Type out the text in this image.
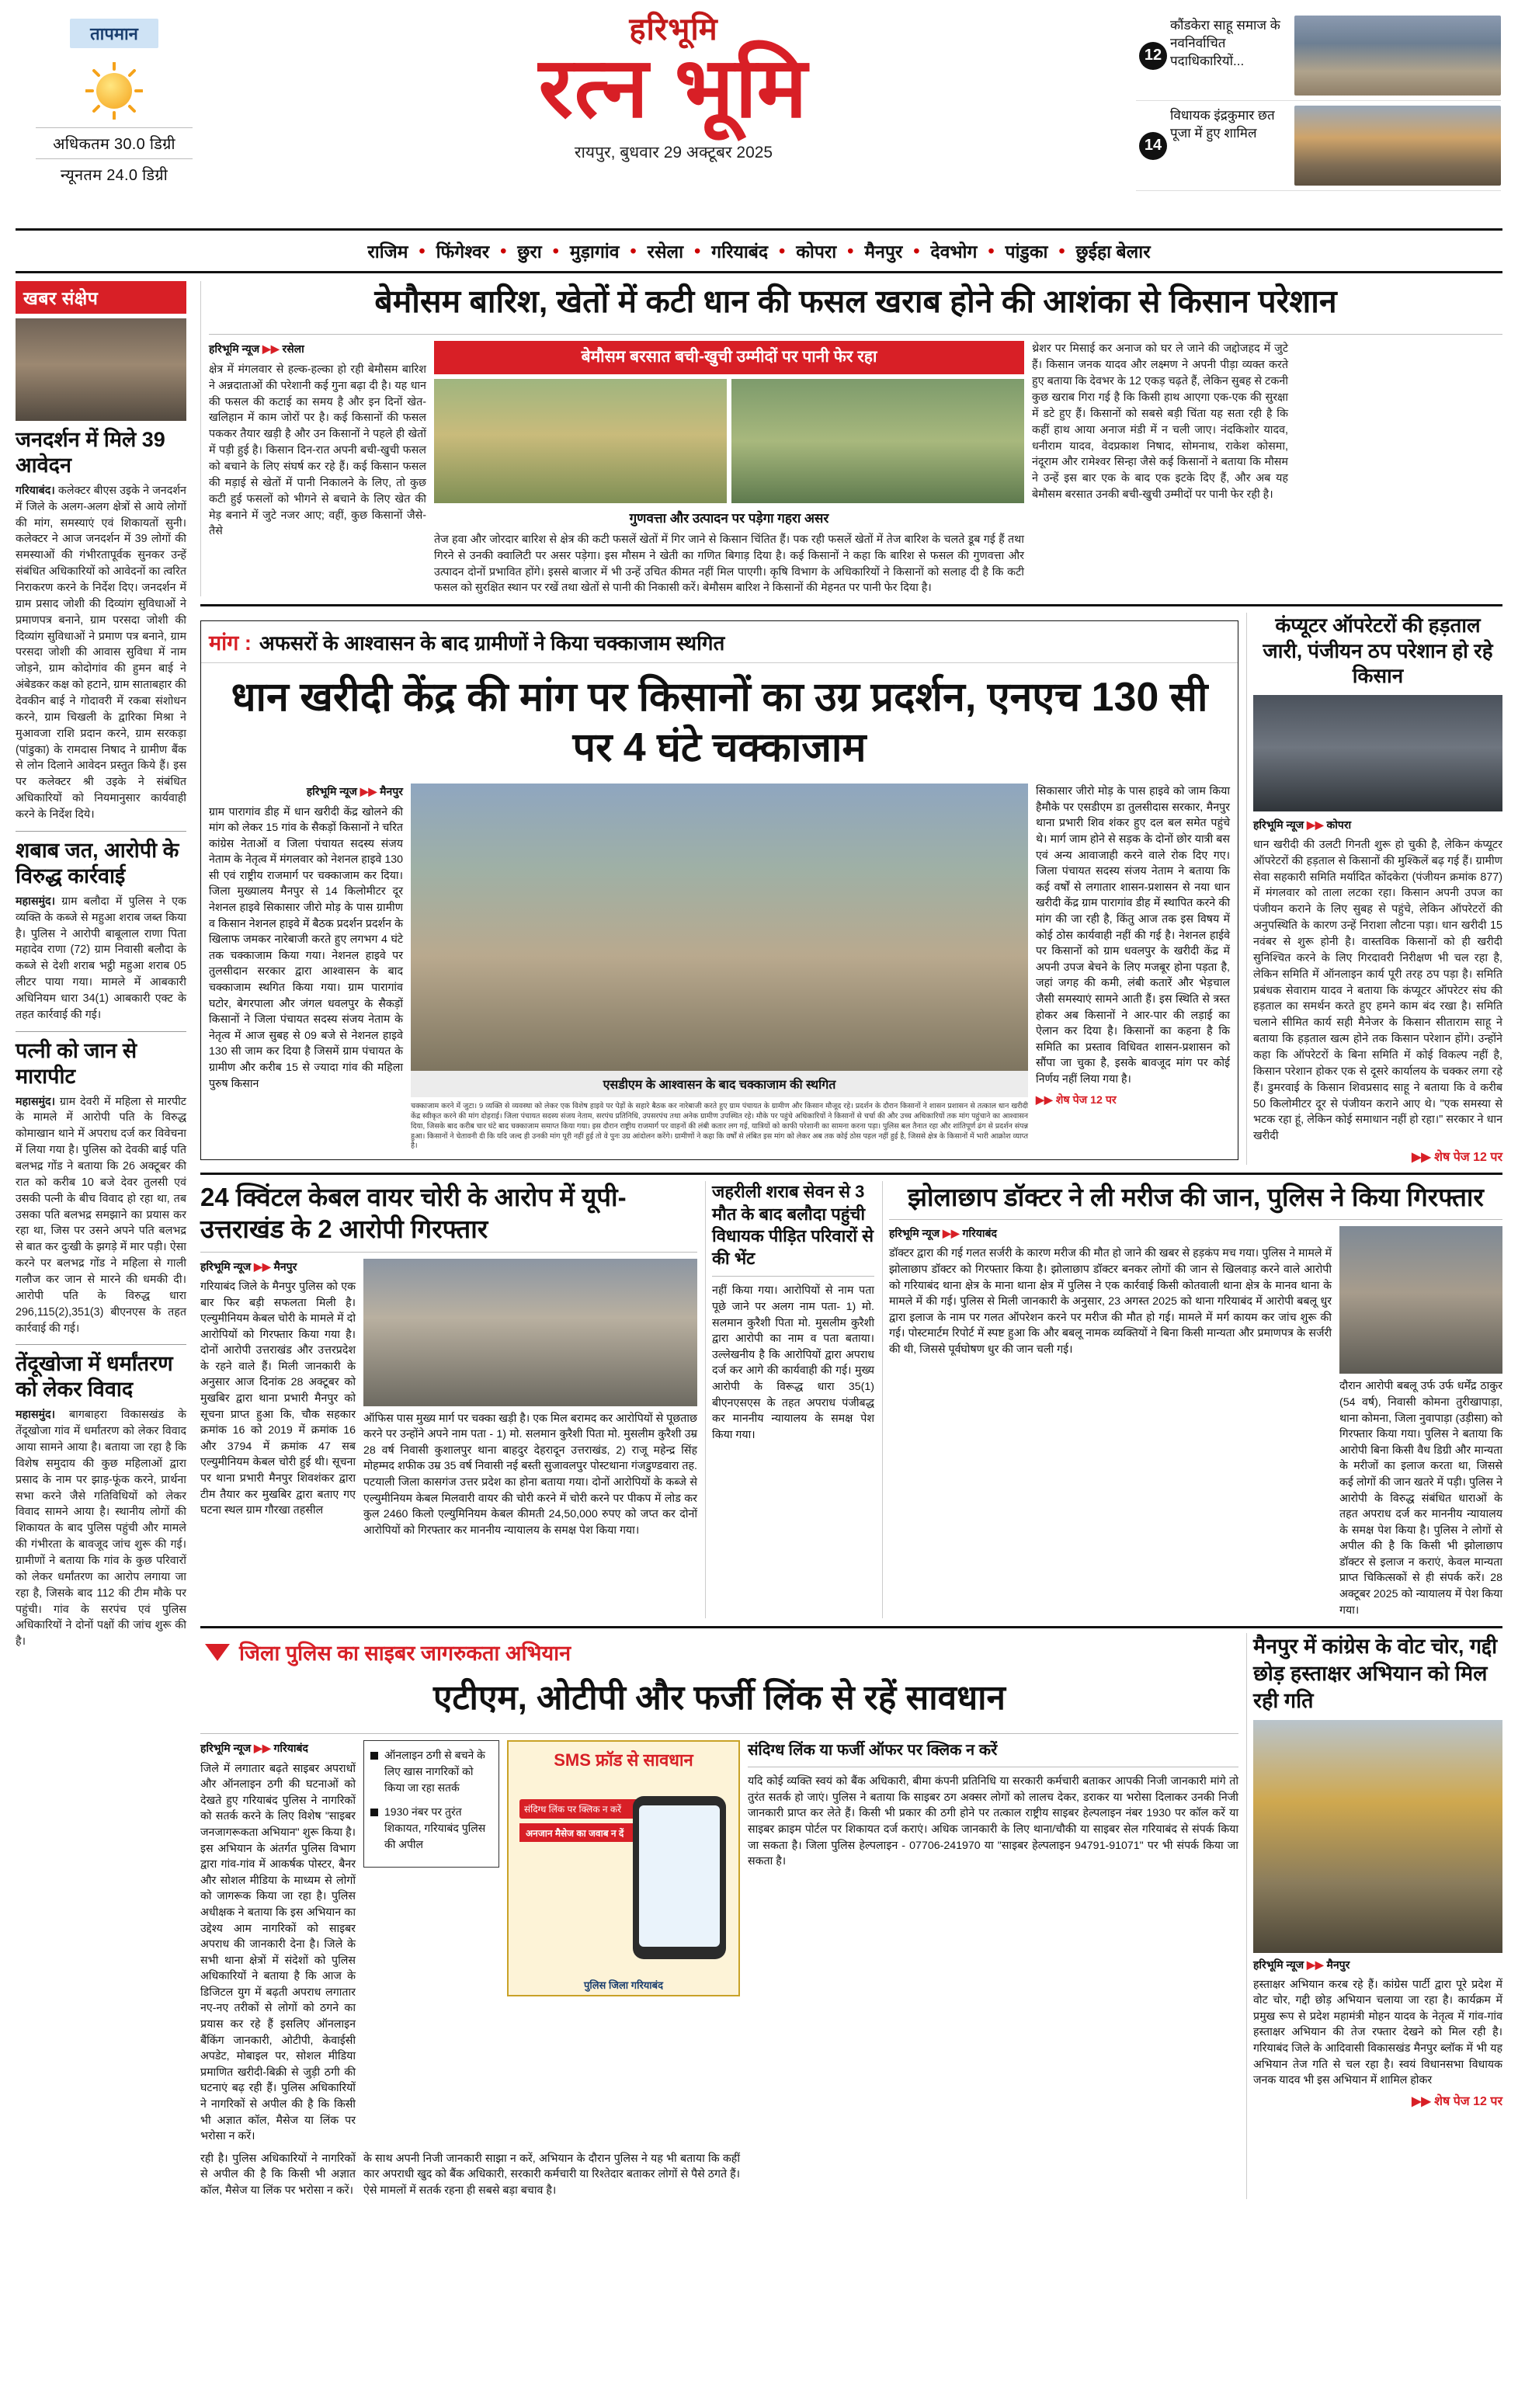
तापमान
अधिकतम 30.0 डिग्री
न्यूनतम 24.0 डिग्री
हरिभूमि
रत्न भूमि
रायपुर, बुधवार 29 अक्टूबर 2025
12
कौंडकेरा साहू समाज के नवनिर्वाचित पदाधिकारियों...
14
विधायक इंद्रकुमार छत पूजा में हुए शामिल
राजिम • फिंगेश्वर • छुरा • मुड़ागांव • रसेला • गरियाबंद • कोपरा • मैनपुर • देवभोग • पांडुका • छुईहा बेलार
खबर संक्षेप
जनदर्शन में मिले 39 आवेदन
गरियाबंद। कलेक्टर बीएस उइके ने जनदर्शन में जिले के अलग-अलग क्षेत्रों से आये लोगों की मांग, समस्याएं एवं शिकायतों सुनी। कलेक्टर ने आज जनदर्शन में 39 लोगों की समस्याओं की गंभीरतापूर्वक सुनकर उन्हें संबंधित अधिकारियों को आवेदनों का त्वरित निराकरण करने के निर्देश दिए। जनदर्शन में ग्राम प्रसाद जोशी की दिव्यांग सुविधाओं ने प्रमाणपत्र बनाने, ग्राम परसदा जोशी की दिव्यांग सुविधाओं ने प्रमाण पत्र बनाने, ग्राम परसदा जोशी की आवास सुविधा में नाम जोड़ने, ग्राम कोदोगांव की हुमन बाई ने अंबेडकर कक्ष को हटाने, ग्राम साताबहार की देवकीन बाई ने गोदावरी में रकबा संशोधन करने, ग्राम चिखली के द्वारिका मिश्रा ने मुआवजा राशि प्रदान करने, ग्राम सरकड़ा (पांडुका) के रामदास निषाद ने ग्रामीण बैंक से लोन दिलाने आवेदन प्रस्तुत किये हैं। इस पर कलेक्टर श्री उइके ने संबंधित अधिकारियों को नियमानुसार कार्यवाही करने के निर्देश दिये।
शबाब जत, आरोपी के विरुद्ध कार्रवाई
महासमुंद। ग्राम बलौदा में पुलिस ने एक व्यक्ति के कब्जे से महुआ शराब जब्त किया है। पुलिस ने आरोपी बाबूलाल राणा पिता महादेव राणा (72) ग्राम निवासी बलौदा के कब्जे से देशी शराब भट्ठी महुआ शराब 05 लीटर पाया गया। मामले में आबकारी अधिनियम धारा 34(1) आबकारी एक्ट के तहत कार्रवाई की गई।
पत्नी को जान से मारापीट
महासमुंद। ग्राम देवरी में महिला से मारपीट के मामले में आरोपी पति के विरुद्ध कोमाखान थाने में अपराध दर्ज कर विवेचना में लिया गया है। पुलिस को देवकी बाई पति बलभद्र गोंड ने बताया कि 26 अक्टूबर की रात को करीब 10 बजे देवर तुलसी एवं उसकी पत्नी के बीच विवाद हो रहा था, तब उसका पति बलभद्र समझाने का प्रयास कर रहा था, जिस पर उसने अपने पति बलभद्र से बात कर दुःखी के झगड़े में मार पड़ी। ऐसा करने पर बलभद्र गोंड ने महिला से गाली गलौज कर जान से मारने की धमकी दी। आरोपी पति के विरुद्ध धारा 296,115(2),351(3) बीएनएस के तहत कार्रवाई की गई।
तेंदूखोजा में धर्मांतरण को लेकर विवाद
महासमुंद। बागबाहरा विकासखंड के तेंदूखोजा गांव में धर्मांतरण को लेकर विवाद आया सामने आया है। बताया जा रहा है कि विशेष समुदाय की कुछ महिलाओं द्वारा प्रसाद के नाम पर झाड़-फूंक करने, प्रार्थना सभा करने जैसे गतिविधियों को लेकर विवाद सामने आया है। स्थानीय लोगों की शिकायत के बाद पुलिस पहुंची और मामले की गंभीरता के बावजूद जांच शुरू की गई। ग्रामीणों ने बताया कि गांव के कुछ परिवारों को लेकर धर्मांतरण का आरोप लगाया जा रहा है, जिसके बाद 112 की टीम मौके पर पहुंची। गांव के सरपंच एवं पुलिस अधिकारियों ने दोनों पक्षों की जांच शुरू की है।
बेमौसम बारिश, खेतों में कटी धान की फसल खराब होने की आशंका से किसान परेशान
हरिभूमि न्यूज ▶▶ रसेला
क्षेत्र में मंगलवार से हल्क-हल्का हो रही बेमौसम बारिश ने अन्नदाताओं की परेशानी कई गुना बढ़ा दी है। यह धान की फसल की कटाई का समय है और इन दिनों खेत-खलिहान में काम जोरों पर है। कई किसानों की फसल पककर तैयार खड़ी है और उन किसानों ने पहले ही खेतों में पड़ी हुई है। किसान दिन-रात अपनी बची-खुची फसल को बचाने के लिए संघर्ष कर रहे हैं। कई किसान फसल की मड़ाई से खेतों में पानी निकालने के लिए, तो कुछ कटी हुई फसलों को भीगने से बचाने के लिए खेत की मेड़ बनाने में जुटे नजर आए; वहीं, कुछ किसानों जैसे-तैसे
बेमौसम बरसात बची-खुची उम्मीदों पर पानी फेर रहा
गुणवत्ता और उत्पादन पर पड़ेगा गहरा असर
तेज हवा और जोरदार बारिश से क्षेत्र की कटी फसलें खेतों में गिर जाने से किसान चिंतित हैं। पक रही फसलें खेतों में तेज बारिश के चलते डूब गई हैं तथा गिरने से उनकी क्वालिटी पर असर पड़ेगा। इस मौसम ने खेती का गणित बिगाड़ दिया है। कई किसानों ने कहा कि बारिश से फसल की गुणवत्ता और उत्पादन दोनों प्रभावित होंगे। इससे बाजार में भी उन्हें उचित कीमत नहीं मिल पाएगी। कृषि विभाग के अधिकारियों ने किसानों को सलाह दी है कि कटी फसल को सुरक्षित स्थान पर रखें तथा खेतों से पानी की निकासी करें। बेमौसम बारिश ने किसानों की मेहनत पर पानी फेर दिया है।
थ्रेशर पर मिसाई कर अनाज को घर ले जाने की जद्दोजहद में जुटे हैं। किसान जनक यादव और लक्ष्मण ने अपनी पीड़ा व्यक्त करते हुए बताया कि देवभर के 12 एकड़ चढ़ते हैं, लेकिन सुबह से टकनी कुछ खराब गिरा गई है कि किसी हाथ आएगा एक-एक की सुरक्षा में डटे हुए हैं। किसानों को सबसे बड़ी चिंता यह सता रही है कि कहीं हाथ आया अनाज मंडी में न चली जाए। नंदकिशोर यादव, धनीराम यादव, वेदप्रकाश निषाद, सोमनाथ, राकेश कोसमा, नंदूराम और रामेश्वर सिन्हा जैसे कई किसानों ने बताया कि मौसम ने उन्हें इस बार एक के बाद एक इटके दिए हैं, और अब यह बेमौसम बरसात उनकी बची-खुची उम्मीदों पर पानी फेर रही है।
मांग : अफसरों के आश्वासन के बाद ग्रामीणों ने किया चक्काजाम स्थगित
धान खरीदी केंद्र की मांग पर किसानों का उग्र प्रदर्शन, एनएच 130 सी पर 4 घंटे चक्काजाम
हरिभूमि न्यूज ▶▶ मैनपुर
ग्राम पारागांव डीह में धान खरीदी केंद्र खोलने की मांग को लेकर 15 गांव के सैकड़ों किसानों ने चरित कांग्रेस नेताओं व जिला पंचायत सदस्य संजय नेताम के नेतृत्व में मंगलवार को नेशनल हाइवे 130 सी एवं राष्ट्रीय राजमार्ग पर चक्काजाम कर दिया। जिला मुख्यालय मैनपुर से 14 किलोमीटर दूर नेशनल हाइवे सिकासार जीरो मोड़ के पास ग्रामीण व किसान नेशनल हाइवे में बैठक प्रदर्शन प्रदर्शन के खिलाफ जमकर नारेबाजी करते हुए लगभग 4 घंटे तक चक्काजाम किया गया। नेशनल हाइवे पर तुलसीदान सरकार द्वारा आश्वासन के बाद चक्काजाम स्थगित किया गया। ग्राम पारागांव घटोर, बेगरपाला और जंगल धवलपुर के सैकड़ों किसानों ने जिला पंचायत सदस्य संजय नेताम के नेतृत्व में आज सुबह से 09 बजे से नेशनल हाइवे 130 सी जाम कर दिया है जिसमें ग्राम पंचायत के ग्रामीण और करीब 15 से ज्यादा गांव की महिला पुरुष किसान	एसडीएम के आश्वासन के बाद चक्काजाम की स्थगित
चक्काजाम करने में जुटा। 9 व्यक्ति से व्यवस्था को लेकर एक विशेष हाइवे पर पेड़ों के सहारे बैठक कर नारेबाजी करते हुए ग्राम पंचायत के ग्रामीण और किसान मौजूद रहे। प्रदर्शन के दौरान किसानों ने शासन प्रशासन से तत्काल धान खरीदी केंद्र स्वीकृत करने की मांग दोहराई। जिला पंचायत सदस्य संजय नेताम, सरपंच प्रतिनिधि, उपसरपंच तथा अनेक ग्रामीण उपस्थित रहे। मौके पर पहुंचे अधिकारियों ने किसानों से चर्चा की और उच्च अधिकारियों तक मांग पहुंचाने का आश्वासन दिया, जिसके बाद करीब चार घंटे बाद चक्काजाम समाप्त किया गया। इस दौरान राष्ट्रीय राजमार्ग पर वाहनों की लंबी कतार लग गई, यात्रियों को काफी परेशानी का सामना करना पड़ा। पुलिस बल तैनात रहा और शांतिपूर्ण ढंग से प्रदर्शन संपन्न हुआ। किसानों ने चेतावनी दी कि यदि जल्द ही उनकी मांग पूरी नहीं हुई तो वे पुनः उग्र आंदोलन करेंगे। ग्रामीणों ने कहा कि वर्षों से लंबित इस मांग को लेकर अब तक कोई ठोस पहल नहीं हुई है, जिससे क्षेत्र के किसानों में भारी आक्रोश व्याप्त है।
सिकासार जीरो मोड़ के पास हाइवे को जाम किया हैमौके पर एसडीएम डा तुलसीदास सरकार, मैनपुर थाना प्रभारी शिव शंकर हुए दल बल समेत पहुंचे थे। मार्ग जाम होने से सड़क के दोनों छोर यात्री बस एवं अन्य आवाजाही करने वाले रोक दिए गए। जिला पंचायत सदस्य संजय नेताम ने बताया कि कई वर्षों से लगातार शासन-प्रशासन से नया धान खरीदी केंद्र ग्राम पारागांव डीह में स्थापित करने की मांग की जा रही है, किंतु आज तक इस विषय में कोई ठोस कार्यवाही नहीं की गई है। नेशनल हाईवे पर किसानों को ग्राम धवलपुर के खरीदी केंद्र में अपनी उपज बेचने के लिए मजबूर होना पड़ता है, जहां जगह की कमी, लंबी कतारें और भेड़चाल जैसी समस्याएं सामने आती हैं। इस स्थिति से त्रस्त होकर अब किसानों ने आर-पार की लड़ाई का ऐलान कर दिया है। किसानों का कहना है कि समिति का प्रस्ताव विधिवत शासन-प्रशासन को सौंपा जा चुका है, इसके बावजूद मांग पर कोई निर्णय नहीं लिया गया है।
▶▶ शेष पेज 12 पर
कंप्यूटर ऑपरेटरों की हड़ताल जारी, पंजीयन ठप परेशान हो रहे किसान
हरिभूमि न्यूज ▶▶ कोपरा
धान खरीदी की उलटी गिनती शुरू हो चुकी है, लेकिन कंप्यूटर ऑपरेटरों की हड़ताल से किसानों की मुश्किलें बढ़ गई हैं। ग्रामीण सेवा सहकारी समिति मर्यादित कोंदकेरा (पंजीयन क्रमांक 877) में मंगलवार को ताला लटका रहा। किसान अपनी उपज का पंजीयन कराने के लिए सुबह से पहुंचे, लेकिन ऑपरेटरों की अनुपस्थिति के कारण उन्हें निराशा लौटना पड़ा। धान खरीदी 15 नवंबर से शुरू होनी है। वास्तविक किसानों को ही खरीदी सुनिश्चित करने के लिए गिरदावरी निरीक्षण भी चल रहा है, लेकिन समिति में ऑनलाइन कार्य पूरी तरह ठप पड़ा है। समिति प्रबंधक सेवाराम यादव ने बताया कि कंप्यूटर ऑपरेटर संघ की हड़ताल का समर्थन करते हुए हमने काम बंद रखा है। समिति चलाने सीमित कार्य सही मैनेजर के किसान सीताराम साहू ने बताया कि हड़ताल खत्म होने तक किसान परेशान होंगे। उन्होंने कहा कि ऑपरेटरों के बिना समिति में कोई विकल्प नहीं है, किसान परेशान होकर एक से दूसरे कार्यालय के चक्कर लगा रहे हैं। डुमरवाई के किसान शिवप्रसाद साहू ने बताया कि वे करीब 50 किलोमीटर दूर से पंजीयन कराने आए थे। "एक समस्या से भटक रहा हूं, लेकिन कोई समाधान नहीं हो रहा।" सरकार ने धान खरीदी
▶▶ शेष पेज 12 पर
24 क्विंटल केबल वायर चोरी के आरोप में यूपी-उत्तराखंड के 2 आरोपी गिरफ्तार
हरिभूमि न्यूज ▶▶ मैनपुर
गरियाबंद जिले के मैनपुर पुलिस को एक बार फिर बड़ी सफलता मिली है। एल्युमीनियम केबल चोरी के मामले में दो आरोपियों को गिरफ्तार किया गया है। दोनों आरोपी उत्तराखंड और उत्तरप्रदेश के रहने वाले हैं। मिली जानकारी के अनुसार आज दिनांक 28 अक्टूबर को मुखबिर द्वारा थाना प्रभारी मैनपुर को सूचना प्राप्त हुआ कि, चौक सहकार क्रमांक 16 को 2019 में क्रमांक 16 और 3794 में क्रमांक 47 सब एल्युमीनियम केबल चोरी हुई थी। सूचना पर थाना प्रभारी मैनपुर शिवशंकर द्वारा टीम तैयार कर मुखबिर द्वारा बताए गए घटना स्थल ग्राम गौरखा तहसील
ऑफिस पास मुख्य मार्ग पर चक्का खड़ी है। एक मिल बरामद कर आरोपियों से पूछताछ करने पर उन्होंने अपने नाम पता - 1) मो. सलमान कुरैशी पिता मो. मुसलीम कुरैशी उम्र 28 वर्ष निवासी कुशालपुर थाना बाहदुर देहरादून उत्तराखंड, 2) राजू महेन्द्र सिंह मोहम्मद शफीक उम्र 35 वर्ष निवासी नई बस्ती सुजावलपुर पोस्टथाना गंजडुण्डवारा तह. पटयाली जिला कासगंज उत्तर प्रदेश का होना बताया गया। दोनों आरोपियों के कब्जे से एल्युमीनियम केबल मिलवारी वायर की चोरी करने में चोरी करने पर पीकप में लोड कर कुल 2460 किलो एल्युमिनियम केबल कीमती 24,50,000 रुपए को जप्त कर दोनों आरोपियों को गिरफ्तार कर माननीय न्यायालय के समक्ष पेश किया गया।
जहरीली शराब सेवन से 3 मौत के बाद बलौदा पहुंची विधायक पीड़ित परिवारों से की भेंट
नहीं किया गया। आरोपियों से नाम पता पूछे जाने पर अलग नाम पता- 1) मो. सलमान कुरैशी पिता मो. मुसलीम कुरैशी द्वारा आरोपी का नाम व पता बताया। उल्लेखनीय है कि आरोपियों द्वारा अपराध दर्ज कर आगे की कार्यवाही की गई। मुख्य आरोपी के विरूद्ध धारा 35(1) बीएनएसएस के तहत अपराध पंजीबद्ध कर माननीय न्यायालय के समक्ष पेश किया गया।
झोलाछाप डॉक्टर ने ली मरीज की जान, पुलिस ने किया गिरफ्तार
हरिभूमि न्यूज ▶▶ गरियाबंद
डॉक्टर द्वारा की गई गलत सर्जरी के कारण मरीज की मौत हो जाने की खबर से हड़कंप मच गया। पुलिस ने मामले में झोलाछाप डॉक्टर को गिरफ्तार किया है। झोलाछाप डॉक्टर बनकर लोगों की जान से खिलवाड़ करने वाले आरोपी को गरियाबंद थाना क्षेत्र के माना थाना क्षेत्र में पुलिस ने एक कार्रवाई किसी कोतवाली थाना क्षेत्र के मानव थाना के मामले में की गई। पुलिस से मिली जानकारी के अनुसार, 23 अगस्त 2025 को थाना गरियाबंद में आरोपी बबलू धुर द्वारा इलाज के नाम पर गलत ऑपरेशन करने पर मरीज की मौत हो गई। मामले में मर्ग कायम कर जांच शुरू की गई। पोस्टमार्टम रिपोर्ट में स्पष्ट हुआ कि और बबलू नामक व्यक्तियों ने बिना किसी मान्यता और प्रमाणपत्र के सर्जरी की थी, जिससे पूर्वघोषण धुर की जान चली गई।
दौरान आरोपी बबलू उर्फ उर्फ धर्मेंद्र ठाकुर (54 वर्ष), निवासी कोमना तुरीखापाड़ा, थाना कोमना, जिला नुवापाड़ा (उड़ीसा) को गिरफ्तार किया गया। पुलिस ने बताया कि आरोपी बिना किसी वैध डिग्री और मान्यता के मरीजों का इलाज करता था, जिससे कई लोगों की जान खतरे में पड़ी। पुलिस ने आरोपी के विरुद्ध संबंधित धाराओं के तहत अपराध दर्ज कर माननीय न्यायालय के समक्ष पेश किया है। पुलिस ने लोगों से अपील की है कि किसी भी झोलाछाप डॉक्टर से इलाज न कराएं, केवल मान्यता प्राप्त चिकित्सकों से ही संपर्क करें। 28 अक्टूबर 2025 को न्यायालय में पेश किया गया।
जिला पुलिस का साइबर जागरुकता अभियान
एटीएम, ओटीपी और फर्जी लिंक से रहें सावधान
हरिभूमि न्यूज ▶▶ गरियाबंद
जिले में लगातार बढ़ते साइबर अपराधों और ऑनलाइन ठगी की घटनाओं को देखते हुए गरियाबंद पुलिस ने नागरिकों को सतर्क करने के लिए विशेष "साइबर जनजागरूकता अभियान" शुरू किया है। इस अभियान के अंतर्गत पुलिस विभाग द्वारा गांव-गांव में आकर्षक पोस्टर, बैनर और सोशल मीडिया के माध्यम से लोगों को जागरूक किया जा रहा है। पुलिस अधीक्षक ने बताया कि इस अभियान का उद्देश्य आम नागरिकों को साइबर अपराध की जानकारी देना है। जिले के सभी थाना क्षेत्रों में संदेशों को पुलिस अधिकारियों ने बताया है कि आज के डिजिटल युग में बढ़ती अपराध लगातार नए-नए तरीकों से लोगों को ठगने का प्रयास कर रहे हैं इसलिए ऑनलाइन बैंकिंग जानकारी, ओटीपी, केवाईसी अपडेट, मोबाइल पर, सोशल मीडिया प्रमाणित खरीदी-बिक्री से जुड़ी ठगी की घटनाएं बढ़ रही हैं। पुलिस अधिकारियों ने नागरिकों से अपील की है कि किसी भी अज्ञात कॉल, मैसेज या लिंक पर भरोसा न करें।
ऑनलाइन ठगी से बचने के लिए खास नागरिकों को किया जा रहा सतर्क
1930 नंबर पर तुरंत शिकायत, गरियाबंद पुलिस की अपील
SMS फ्रॉड से सावधान
संदिग्ध लिंक पर क्लिक न करें
अनजान मैसेज का जवाब न दें
पुलिस जिला गरियाबंद
संदिग्ध लिंक या फर्जी ऑफर पर क्लिक न करें
यदि कोई व्यक्ति स्वयं को बैंक अधिकारी, बीमा कंपनी प्रतिनिधि या सरकारी कर्मचारी बताकर आपकी निजी जानकारी मांगे तो तुरंत सतर्क हो जाएं। पुलिस ने बताया कि साइबर ठग अक्सर लोगों को लालच देकर, डराकर या भरोसा दिलाकर उनकी निजी जानकारी प्राप्त कर लेते हैं। किसी भी प्रकार की ठगी होने पर तत्काल राष्ट्रीय साइबर हेल्पलाइन नंबर 1930 पर कॉल करें या साइबर क्राइम पोर्टल पर शिकायत दर्ज कराएं। अधिक जानकारी के लिए थाना/चौकी या साइबर सेल गरियाबंद से संपर्क किया जा सकता है। जिला पुलिस हेल्पलाइन - 07706-241970 या "साइबर हेल्पलाइन 94791-91071" पर भी संपर्क किया जा सकता है।
रही है। पुलिस अधिकारियों ने नागरिकों से अपील की है कि किसी भी अज्ञात कॉल, मैसेज या लिंक पर भरोसा न करें।
के साथ अपनी निजी जानकारी साझा न करें, अभियान के दौरान पुलिस ने यह भी बताया कि कहीं कार अपराधी खुद को बैंक अधिकारी, सरकारी कर्मचारी या रिश्तेदार बताकर लोगों से पैसे ठगते हैं। ऐसे मामलों में सतर्क रहना ही सबसे बड़ा बचाव है।
मैनपुर में कांग्रेस के वोट चोर, गद्दी छोड़ हस्ताक्षर अभियान को मिल रही गति
हरिभूमि न्यूज ▶▶ मैनपुर
हस्ताक्षर अभियान करब रहे हैं। कांग्रेस पार्टी द्वारा पूरे प्रदेश में वोट चोर, गद्दी छोड़ अभियान चलाया जा रहा है। कार्यक्रम में प्रमुख रूप से प्रदेश महामंत्री मोहन यादव के नेतृत्व में गांव-गांव हस्ताक्षर अभियान की तेज रफ्तार देखने को मिल रही है। गरियाबंद जिले के आदिवासी विकासखंड मैनपुर ब्लॉक में भी यह अभियान तेज गति से चल रहा है। स्वयं विधानसभा विधायक जनक यादव भी इस अभियान में शामिल होकर
▶▶ शेष पेज 12 पर
